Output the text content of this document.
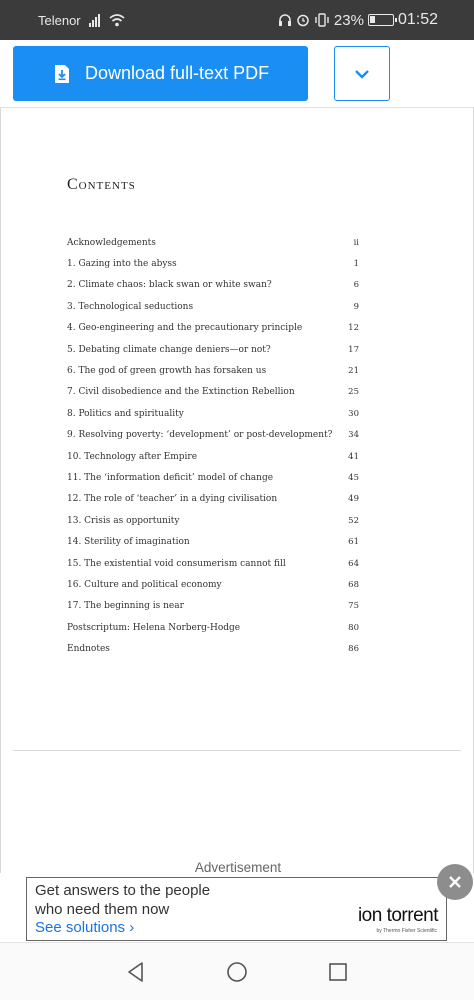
Telenor	23% 01:52
Download full-text PDF
Contents
Acknowledgements	ii
1. Gazing into the abyss	1
2. Climate chaos: black swan or white swan?	6
3. Technological seductions	9
4. Geo-engineering and the precautionary principle	12
5. Debating climate change deniers—or not?	17
6. The god of green growth has forsaken us	21
7. Civil disobedience and the Extinction Rebellion	25
8. Politics and spirituality	30
9. Resolving poverty: ‘development’ or post-development? 34
10. Technology after Empire	41
11. The ‘information deficit’ model of change	45
12. The role of ‘teacher’ in a dying civilisation	49
13. Crisis as opportunity	52
14. Sterility of imagination	61
15. The existential void consumerism cannot fill	64
16. Culture and political economy	68
17. The beginning is near	75
Postscriptum: Helena Norberg-Hodge	80
Endnotes	86
Advertisement
Get answers to the people
who need them now
See solutions ›
ion torrent
by Thermo Fisher Scientific
